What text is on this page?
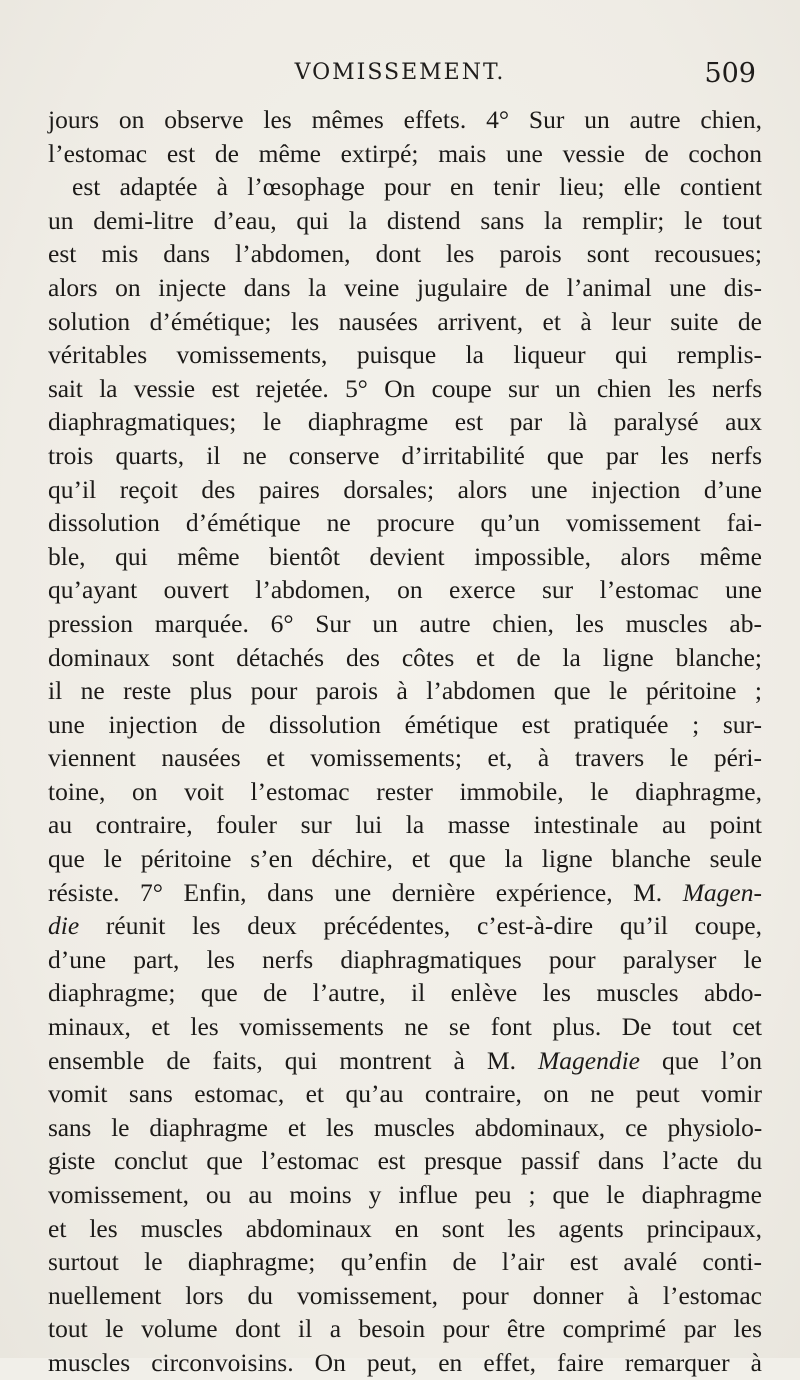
VOMISSEMENT.	509
jours on observe les mêmes effets. 4° Sur un autre chien,
l’estomac est de même extirpé; mais une vessie de cochon
est adaptée à l’œsophage pour en tenir lieu; elle contient
un demi-litre d’eau, qui la distend sans la remplir; le tout
est mis dans l’abdomen, dont les parois sont recousues;
alors on injecte dans la veine jugulaire de l’animal une dis-
solution d’émétique; les nausées arrivent, et à leur suite de
véritables vomissements, puisque la liqueur qui remplis-
sait la vessie est rejetée. 5° On coupe sur un chien les nerfs
diaphragmatiques; le diaphragme est par là paralysé aux
trois quarts, il ne conserve d’irritabilité que par les nerfs
qu’il reçoit des paires dorsales; alors une injection d’une
dissolution d’émétique ne procure qu’un vomissement fai-
ble, qui même bientôt devient impossible, alors même
qu’ayant ouvert l’abdomen, on exerce sur l’estomac une
pression marquée. 6° Sur un autre chien, les muscles ab-
dominaux sont détachés des côtes et de la ligne blanche;
il ne reste plus pour parois à l’abdomen que le péritoine ;
une injection de dissolution émétique est pratiquée ; sur-
viennent nausées et vomissements; et, à travers le péri-
toine, on voit l’estomac rester immobile, le diaphragme,
au contraire, fouler sur lui la masse intestinale au point
que le péritoine s’en déchire, et que la ligne blanche seule
résiste. 7° Enfin, dans une dernière expérience, M. Magen-
die réunit les deux précédentes, c’est-à-dire qu’il coupe,
d’une part, les nerfs diaphragmatiques pour paralyser le
diaphragme; que de l’autre, il enlève les muscles abdo-
minaux, et les vomissements ne se font plus. De tout cet
ensemble de faits, qui montrent à M. Magendie que l’on
vomit sans estomac, et qu’au contraire, on ne peut vomir
sans le diaphragme et les muscles abdominaux, ce physiolo-
giste conclut que l’estomac est presque passif dans l’acte du
vomissement, ou au moins y influe peu ; que le diaphragme
et les muscles abdominaux en sont les agents principaux,
surtout le diaphragme; qu’enfin de l’air est avalé conti-
nuellement lors du vomissement, pour donner à l’estomac
tout le volume dont il a besoin pour être comprimé par les
muscles circonvoisins. On peut, en effet, faire remarquer à
